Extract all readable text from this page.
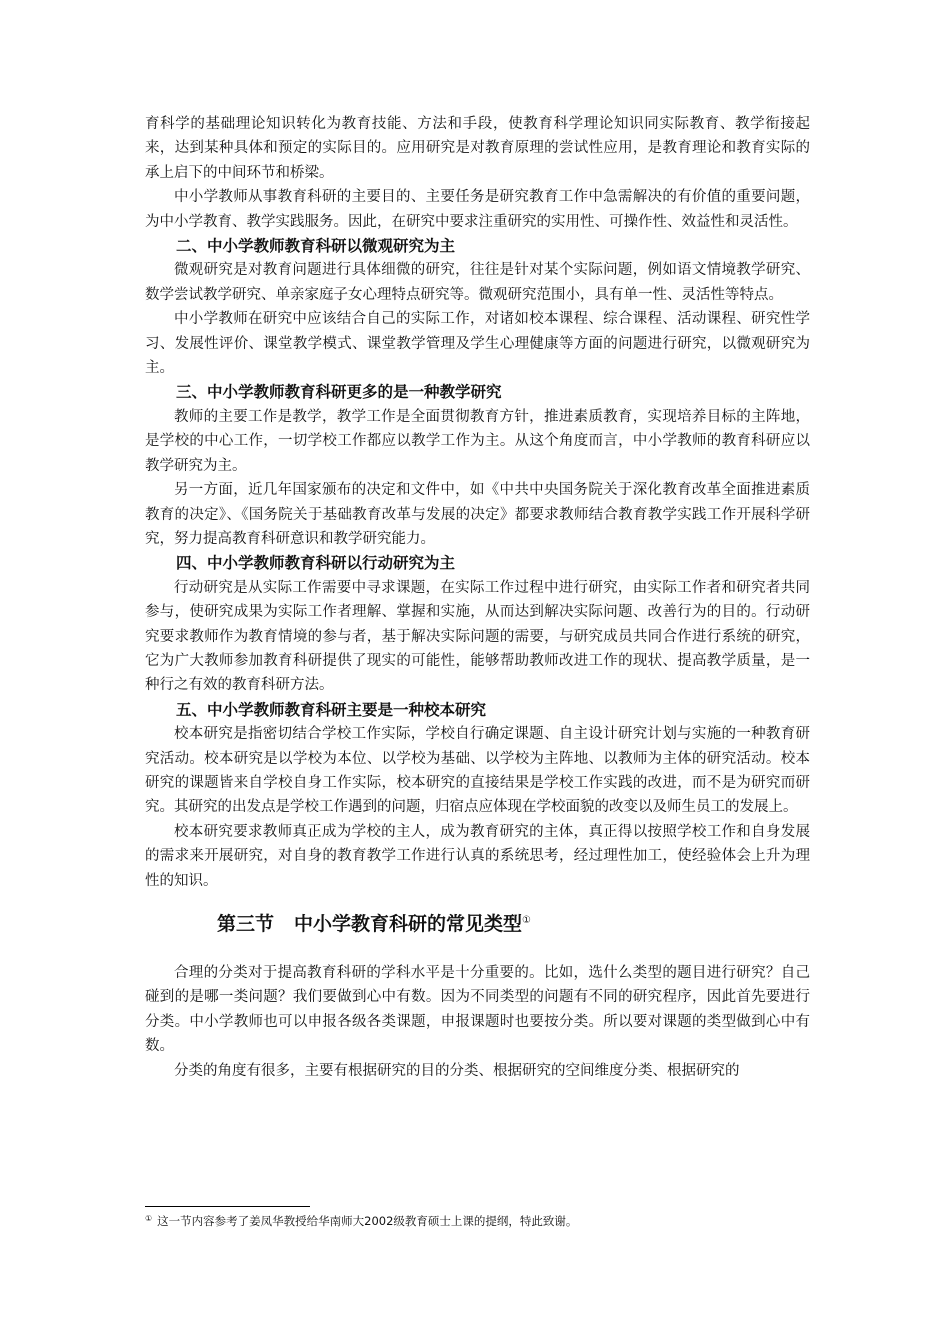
育科学的基础理论知识转化为教育技能、方法和手段，使教育科学理论知识同实际教育、教学衔接起来，达到某种具体和预定的实际目的。应用研究是对教育原理的尝试性应用，是教育理论和教育实际的承上启下的中间环节和桥梁。

中小学教师从事教育科研的主要目的、主要任务是研究教育工作中急需解决的有价值的重要问题，为中小学教育、教学实践服务。因此，在研究中要求注重研究的实用性、可操作性、效益性和灵活性。

二、中小学教师教育科研以微观研究为主

微观研究是对教育问题进行具体细微的研究，往往是针对某个实际问题，例如语文情境教学研究、数学尝试教学研究、单亲家庭子女心理特点研究等。微观研究范围小，具有单一性、灵活性等特点。

中小学教师在研究中应该结合自己的实际工作，对诸如校本课程、综合课程、活动课程、研究性学习、发展性评价、课堂教学模式、课堂教学管理及学生心理健康等方面的问题进行研究，以微观研究为主。

三、中小学教师教育科研更多的是一种教学研究

教师的主要工作是教学，教学工作是全面贯彻教育方针，推进素质教育，实现培养目标的主阵地，是学校的中心工作，一切学校工作都应以教学工作为主。从这个角度而言，中小学教师的教育科研应以教学研究为主。

另一方面，近几年国家颁布的决定和文件中，如《中共中央国务院关于深化教育改革全面推进素质教育的决定》、《国务院关于基础教育改革与发展的决定》都要求教师结合教育教学实践工作开展科学研究，努力提高教育科研意识和教学研究能力。

四、中小学教师教育科研以行动研究为主

行动研究是从实际工作需要中寻求课题，在实际工作过程中进行研究，由实际工作者和研究者共同参与，使研究成果为实际工作者理解、掌握和实施，从而达到解决实际问题、改善行为的目的。行动研究要求教师作为教育情境的参与者，基于解决实际问题的需要，与研究成员共同合作进行系统的研究，它为广大教师参加教育科研提供了现实的可能性，能够帮助教师改进工作的现状、提高教学质量，是一种行之有效的教育科研方法。

五、中小学教师教育科研主要是一种校本研究

校本研究是指密切结合学校工作实际，学校自行确定课题、自主设计研究计划与实施的一种教育研究活动。校本研究是以学校为本位、以学校为基础、以学校为主阵地、以教师为主体的研究活动。校本研究的课题皆来自学校自身工作实际，校本研究的直接结果是学校工作实践的改进，而不是为研究而研究。其研究的出发点是学校工作遇到的问题，归宿点应体现在学校面貌的改变以及师生员工的发展上。

校本研究要求教师真正成为学校的主人，成为教育研究的主体，真正得以按照学校工作和自身发展的需求来开展研究，对自身的教育教学工作进行认真的系统思考，经过理性加工，使经验体会上升为理性的知识。

第三节 中小学教育科研的常见类型①

合理的分类对于提高教育科研的学科水平是十分重要的。比如，选什么类型的题目进行研究？自己碰到的是哪一类问题？我们要做到心中有数。因为不同类型的问题有不同的研究程序，因此首先要进行分类。中小学教师也可以申报各级各类课题，申报课题时也要按分类。所以要对课题的类型做到心中有数。

分类的角度有很多，主要有根据研究的目的分类、根据研究的空间维度分类、根据研究的

① 这一节内容参考了姜凤华教授给华南师大2002级教育硕士上课的提纲，特此致谢。
